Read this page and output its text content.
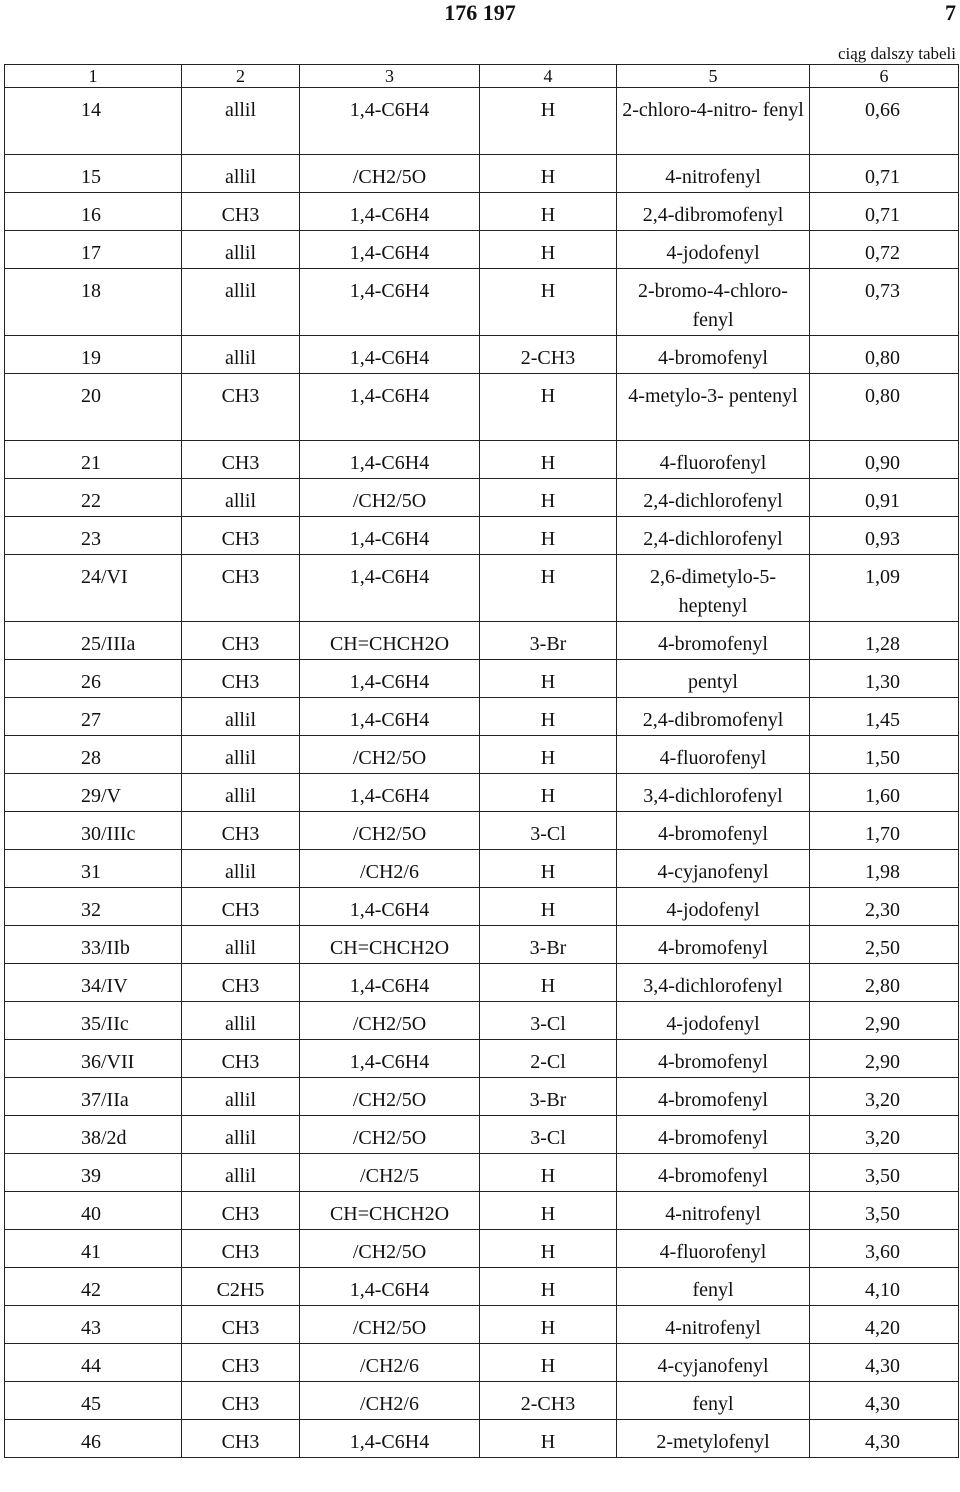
176 197	7
ciąg dalszy tabeli
1	2	3	4	5	6
14	allil	1,4-C6H4	H	2-chloro-4-nitro- fenyl	0,66
15	allil	/CH2/5O	H	4-nitrofenyl	0,71
16	CH3	1,4-C6H4	H	2,4-dibromofenyl	0,71
17	allil	1,4-C6H4	H	4-jodofenyl	0,72
18	allil	1,4-C6H4	H	2-bromo-4-chloro- fenyl	0,73
19	allil	1,4-C6H4	2-CH3	4-bromofenyl	0,80
20	CH3	1,4-C6H4	H	4-metylo-3- pentenyl	0,80
21	CH3	1,4-C6H4	H	4-fluorofenyl	0,90
22	allil	/CH2/5O	H	2,4-dichlorofenyl	0,91
23	CH3	1,4-C6H4	H	2,4-dichlorofenyl	0,93
24/VI	CH3	1,4-C6H4	H	2,6-dimetylo-5- heptenyl	1,09
25/IIIa	CH3	CH=CHCH2O	3-Br	4-bromofenyl	1,28
26	CH3	1,4-C6H4	H	pentyl	1,30
27	allil	1,4-C6H4	H	2,4-dibromofenyl	1,45
28	allil	/CH2/5O	H	4-fluorofenyl	1,50
29/V	allil	1,4-C6H4	H	3,4-dichlorofenyl	1,60
30/IIIc	CH3	/CH2/5O	3-Cl	4-bromofenyl	1,70
31	allil	/CH2/6	H	4-cyjanofenyl	1,98
32	CH3	1,4-C6H4	H	4-jodofenyl	2,30
33/IIb	allil	CH=CHCH2O	3-Br	4-bromofenyl	2,50
34/IV	CH3	1,4-C6H4	H	3,4-dichlorofenyl	2,80
35/IIc	allil	/CH2/5O	3-Cl	4-jodofenyl	2,90
36/VII	CH3	1,4-C6H4	2-Cl	4-bromofenyl	2,90
37/IIa	allil	/CH2/5O	3-Br	4-bromofenyl	3,20
38/2d	allil	/CH2/5O	3-Cl	4-bromofenyl	3,20
39	allil	/CH2/5	H	4-bromofenyl	3,50
40	CH3	CH=CHCH2O	H	4-nitrofenyl	3,50
41	CH3	/CH2/5O	H	4-fluorofenyl	3,60
42	C2H5	1,4-C6H4	H	fenyl	4,10
43	CH3	/CH2/5O	H	4-nitrofenyl	4,20
44	CH3	/CH2/6	H	4-cyjanofenyl	4,30
45	CH3	/CH2/6	2-CH3	fenyl	4,30
46	CH3	1,4-C6H4	H	2-metylofenyl	4,30
